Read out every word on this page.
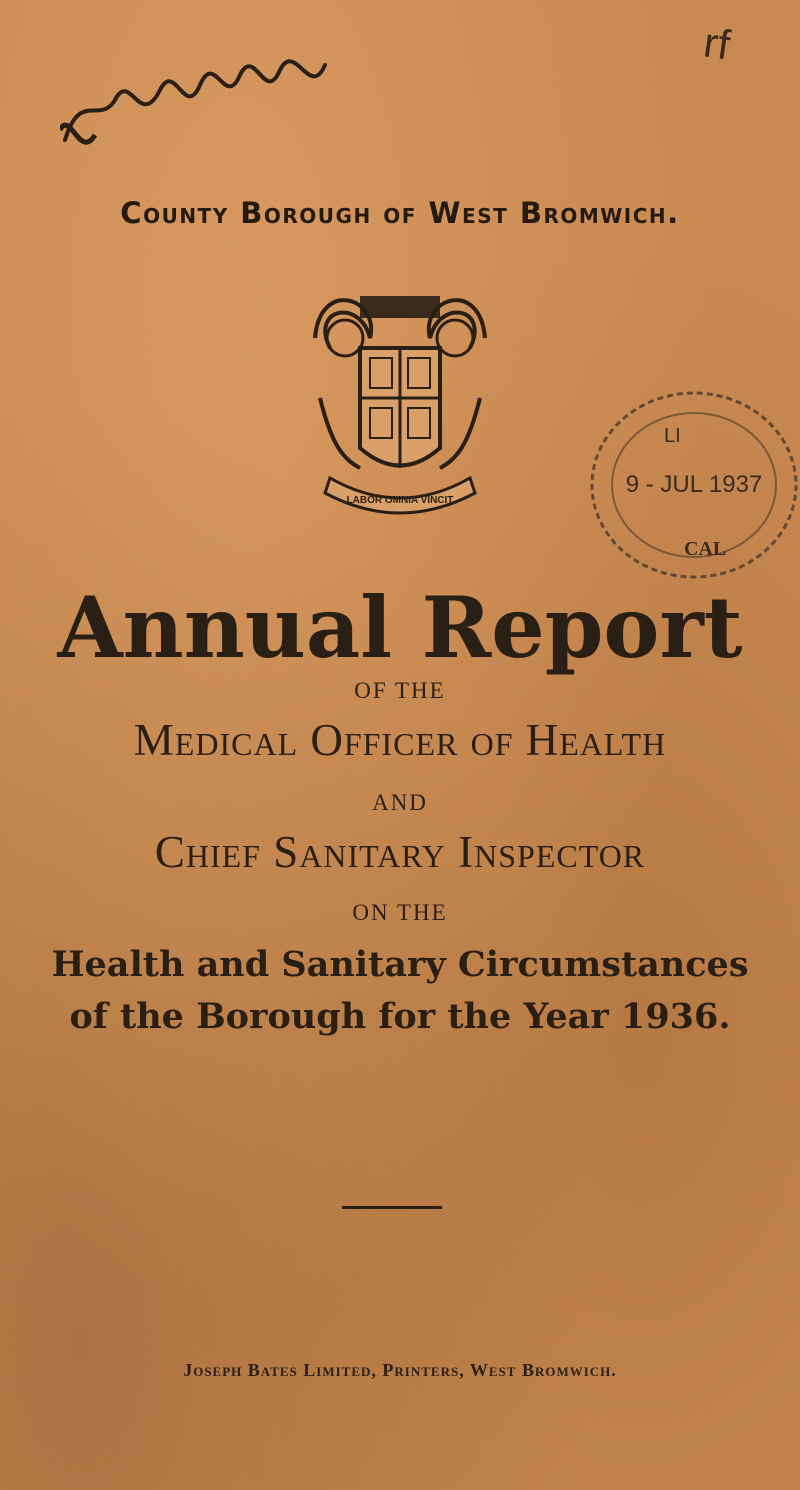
rf
County Borough of West Bromwich.
LABOR OMNIA VINCIT
LI
9 - JUL 1937
CAL
Annual Report
OF THE
Medical Officer of Health
AND
Chief Sanitary Inspector
ON THE
Health and Sanitary Circumstances
of the Borough for the Year 1936.
Joseph Bates Limited, Printers, West Bromwich.
